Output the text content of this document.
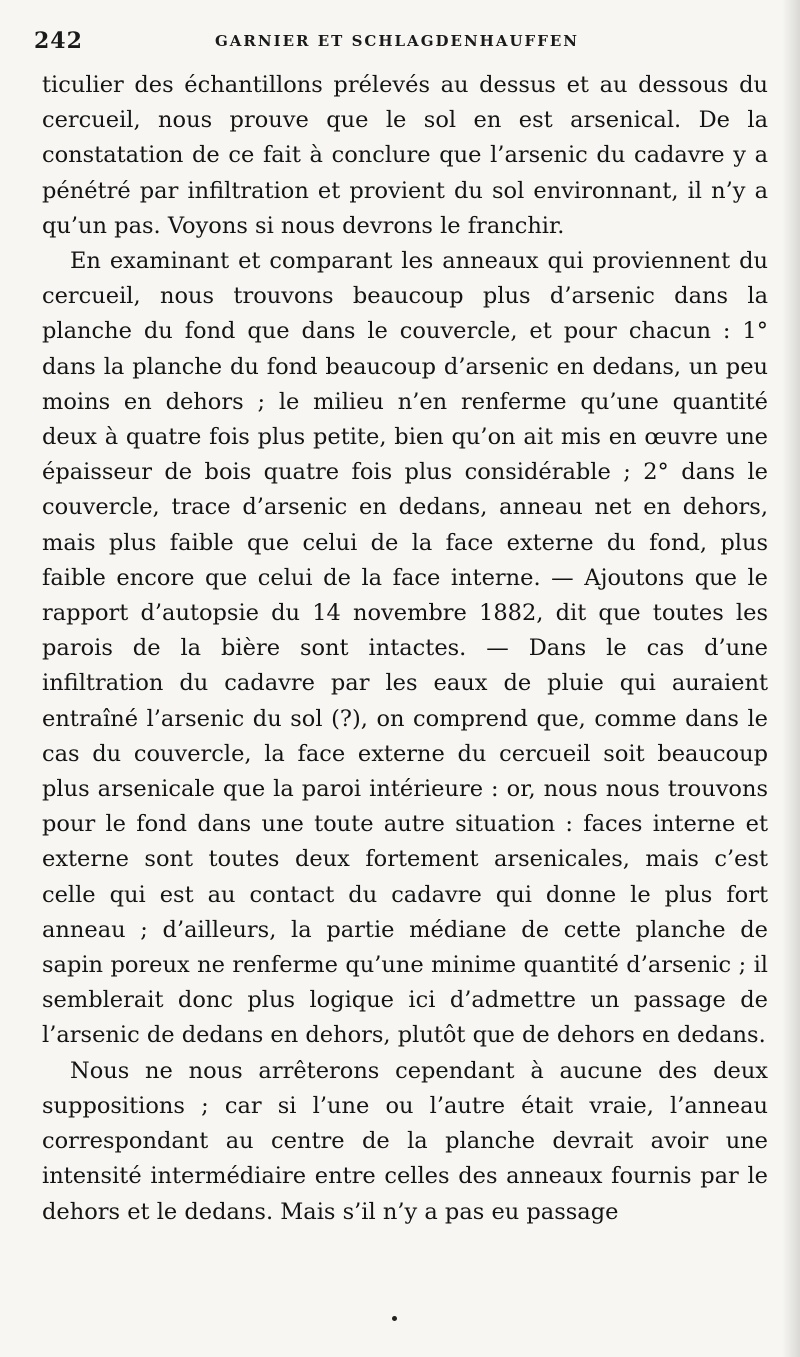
242	GARNIER ET SCHLAGDENHAUFFEN

ticulier des échantillons prélevés au dessus et au dessous du cercueil, nous prouve que le sol en est arsenical. De la constatation de ce fait à conclure que l’arsenic du cadavre y a pénétré par infiltration et provient du sol environnant, il n’y a qu’un pas. Voyons si nous devrons le franchir.

En examinant et comparant les anneaux qui proviennent du cercueil, nous trouvons beaucoup plus d’arsenic dans la planche du fond que dans le couvercle, et pour chacun : 1° dans la planche du fond beaucoup d’arsenic en dedans, un peu moins en dehors ; le milieu n’en renferme qu’une quantité deux à quatre fois plus petite, bien qu’on ait mis en œuvre une épaisseur de bois quatre fois plus considérable ; 2° dans le couvercle, trace d’arsenic en dedans, anneau net en dehors, mais plus faible que celui de la face externe du fond, plus faible encore que celui de la face interne. — Ajoutons que le rapport d’autopsie du 14 novembre 1882, dit que toutes les parois de la bière sont intactes. — Dans le cas d’une infiltration du cadavre par les eaux de pluie qui auraient entraîné l’arsenic du sol (?), on comprend que, comme dans le cas du couvercle, la face externe du cercueil soit beaucoup plus arsenicale que la paroi intérieure : or, nous nous trouvons pour le fond dans une toute autre situation : faces interne et externe sont toutes deux fortement arsenicales, mais c’est celle qui est au contact du cadavre qui donne le plus fort anneau ; d’ailleurs, la partie médiane de cette planche de sapin poreux ne renferme qu’une minime quantité d’arsenic ; il semblerait donc plus logique ici d’admettre un passage de l’arsenic de dedans en dehors, plutôt que de dehors en dedans.

Nous ne nous arrêterons cependant à aucune des deux suppositions ; car si l’une ou l’autre était vraie, l’anneau correspondant au centre de la planche devrait avoir une intensité intermédiaire entre celles des anneaux fournis par le dehors et le dedans. Mais s’il n’y a pas eu passage
